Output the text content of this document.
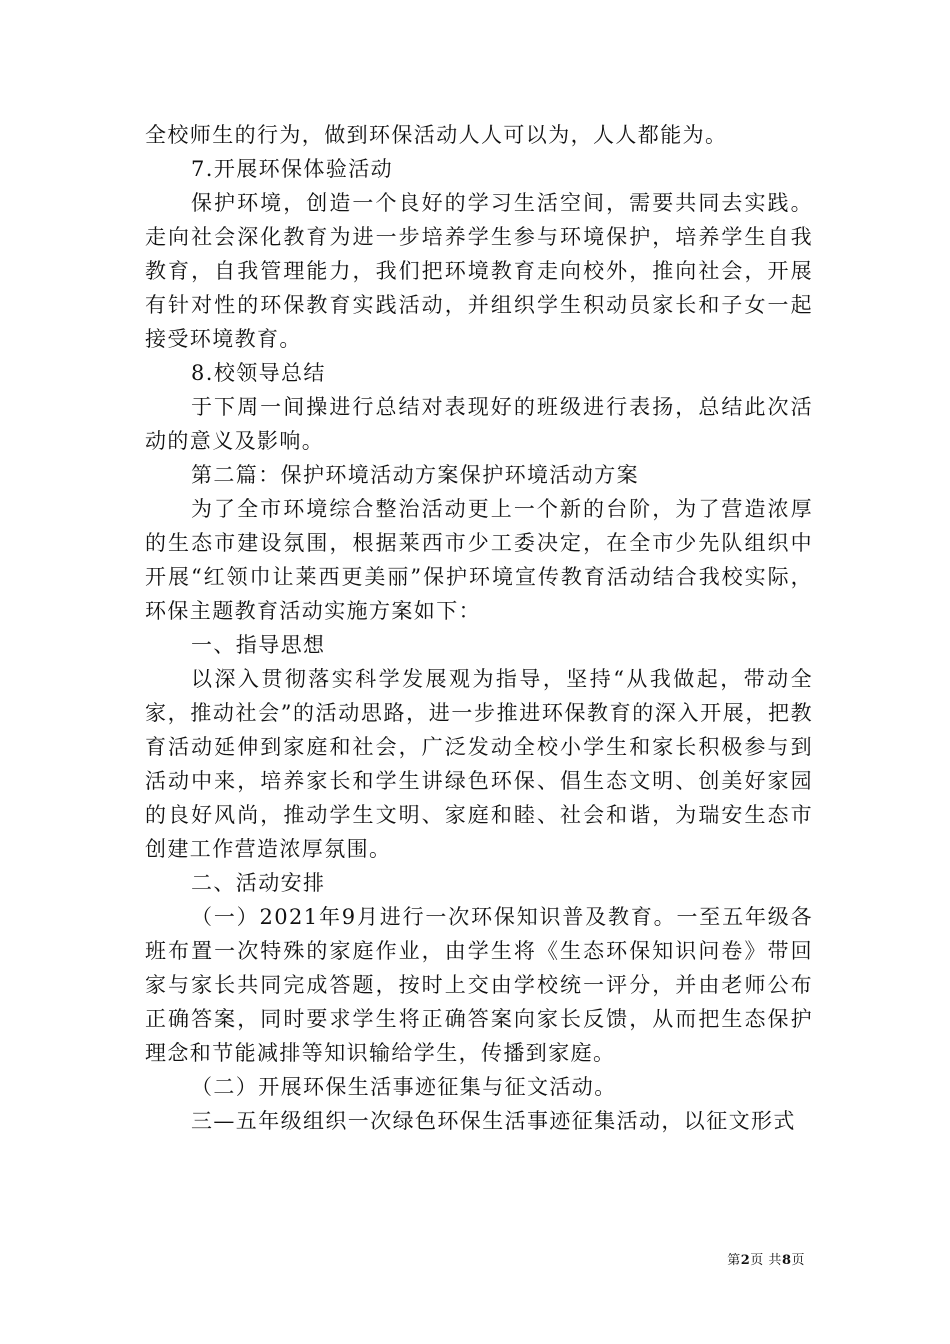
全校师生的行为，做到环保活动人人可以为，人人都能为。

7.开展环保体验活动

保护环境，创造一个良好的学习生活空间，需要共同去实践。走向社会深化教育为进一步培养学生参与环境保护，培养学生自我教育，自我管理能力，我们把环境教育走向校外，推向社会，开展有针对性的环保教育实践活动，并组织学生积动员家长和子女一起接受环境教育。

8.校领导总结

于下周一间操进行总结对表现好的班级进行表扬，总结此次活动的意义及影响。

第二篇：保护环境活动方案保护环境活动方案

为了全市环境综合整治活动更上一个新的台阶，为了营造浓厚的生态市建设氛围，根据莱西市少工委决定，在全市少先队组织中开展“红领巾让莱西更美丽”保护环境宣传教育活动结合我校实际，环保主题教育活动实施方案如下：

一、指导思想

以深入贯彻落实科学发展观为指导，坚持“从我做起，带动全家，推动社会”的活动思路，进一步推进环保教育的深入开展，把教育活动延伸到家庭和社会，广泛发动全校小学生和家长积极参与到活动中来，培养家长和学生讲绿色环保、倡生态文明、创美好家园的良好风尚，推动学生文明、家庭和睦、社会和谐，为瑞安生态市创建工作营造浓厚氛围。

二、活动安排

（一）2021年9月进行一次环保知识普及教育。一至五年级各班布置一次特殊的家庭作业，由学生将《生态环保知识问卷》带回家与家长共同完成答题，按时上交由学校统一评分，并由老师公布正确答案，同时要求学生将正确答案向家长反馈，从而把生态保护理念和节能减排等知识输给学生，传播到家庭。

（二）开展环保生活事迹征集与征文活动。

三—五年级组织一次绿色环保生活事迹征集活动，以征文形式

第2页 共8页
